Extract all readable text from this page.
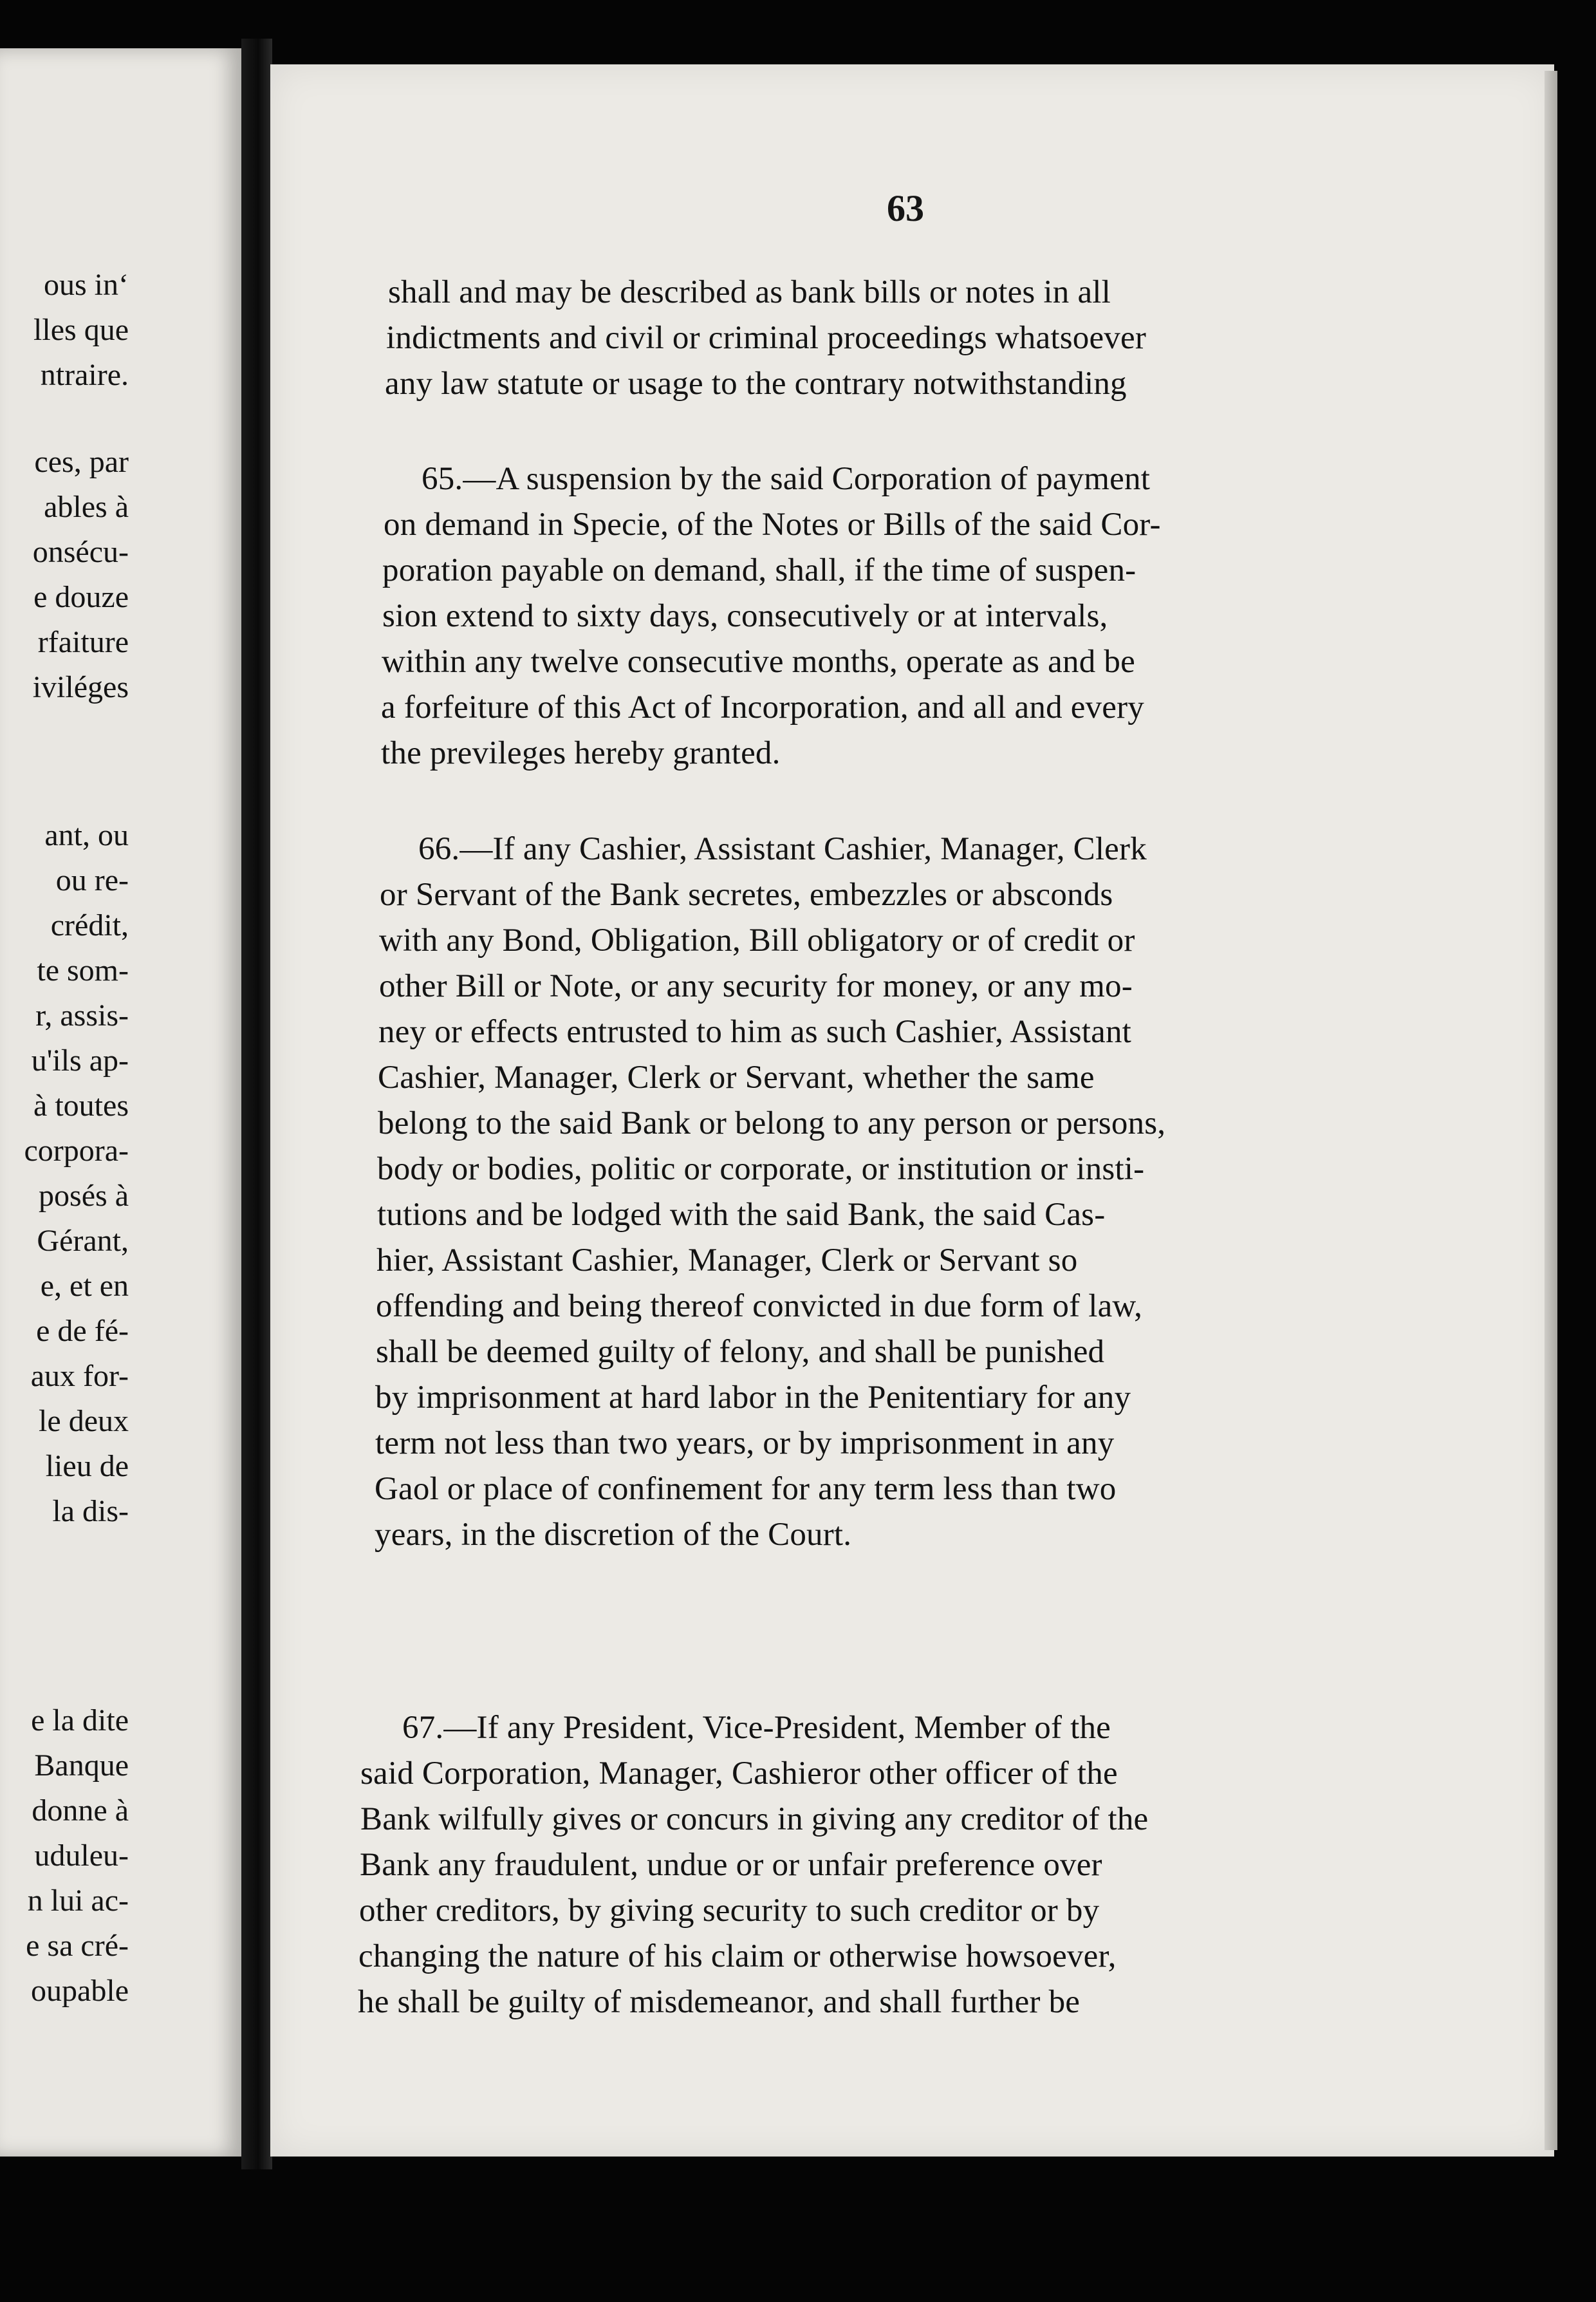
ous in‘
lles que
ntraire.
ces, par
ables à
onsécu-
e douze
rfaiture
iviléges
ant, ou
ou re-
crédit,
te som-
r, assis-
u'ils ap-
à toutes
corpora-
posés à
Gérant,
e, et en
e de fé-
aux for-
le deux
lieu de
la dis-
e la dite
Banque
donne à
uduleu-
n lui ac-
e sa cré-
oupable
63
shall and may be described as bank bills or notes in all
indictments and civil or criminal proceedings whatsoever
any law statute or usage to the contrary notwithstanding
65.—A suspension by the said Corporation of payment
on demand in Specie, of the Notes or Bills of the said Cor-
poration payable on demand, shall, if the time of suspen-
sion extend to sixty days, consecutively or at intervals,
within any twelve consecutive months, operate as and be
a forfeiture of this Act of Incorporation, and all and every
the previleges hereby granted.
66.—If any Cashier, Assistant Cashier, Manager, Clerk
or Servant of the Bank secretes, embezzles or absconds
with any Bond, Obligation, Bill obligatory or of credit or
other Bill or Note, or any security for money, or any mo-
ney or effects entrusted to him as such Cashier, Assistant
Cashier, Manager, Clerk or Servant, whether the same
belong to the said Bank or belong to any person or persons,
body or bodies, politic or corporate, or institution or insti-
tutions and be lodged with the said Bank, the said Cas-
hier, Assistant Cashier, Manager, Clerk or Servant so
offending and being thereof convicted in due form of law,
shall be deemed guilty of felony, and shall be punished
by imprisonment at hard labor in the Penitentiary for any
term not less than two years, or by imprisonment in any
Gaol or place of confinement for any term less than two
years, in the discretion of the Court.
67.—If any President, Vice-President, Member of the
said Corporation, Manager, Cashieror other officer of the
Bank wilfully gives or concurs in giving any creditor of the
Bank any fraudulent, undue or or unfair preference over
other creditors, by giving security to such creditor or by
changing the nature of his claim or otherwise howsoever,
he shall be guilty of misdemeanor, and shall further be
